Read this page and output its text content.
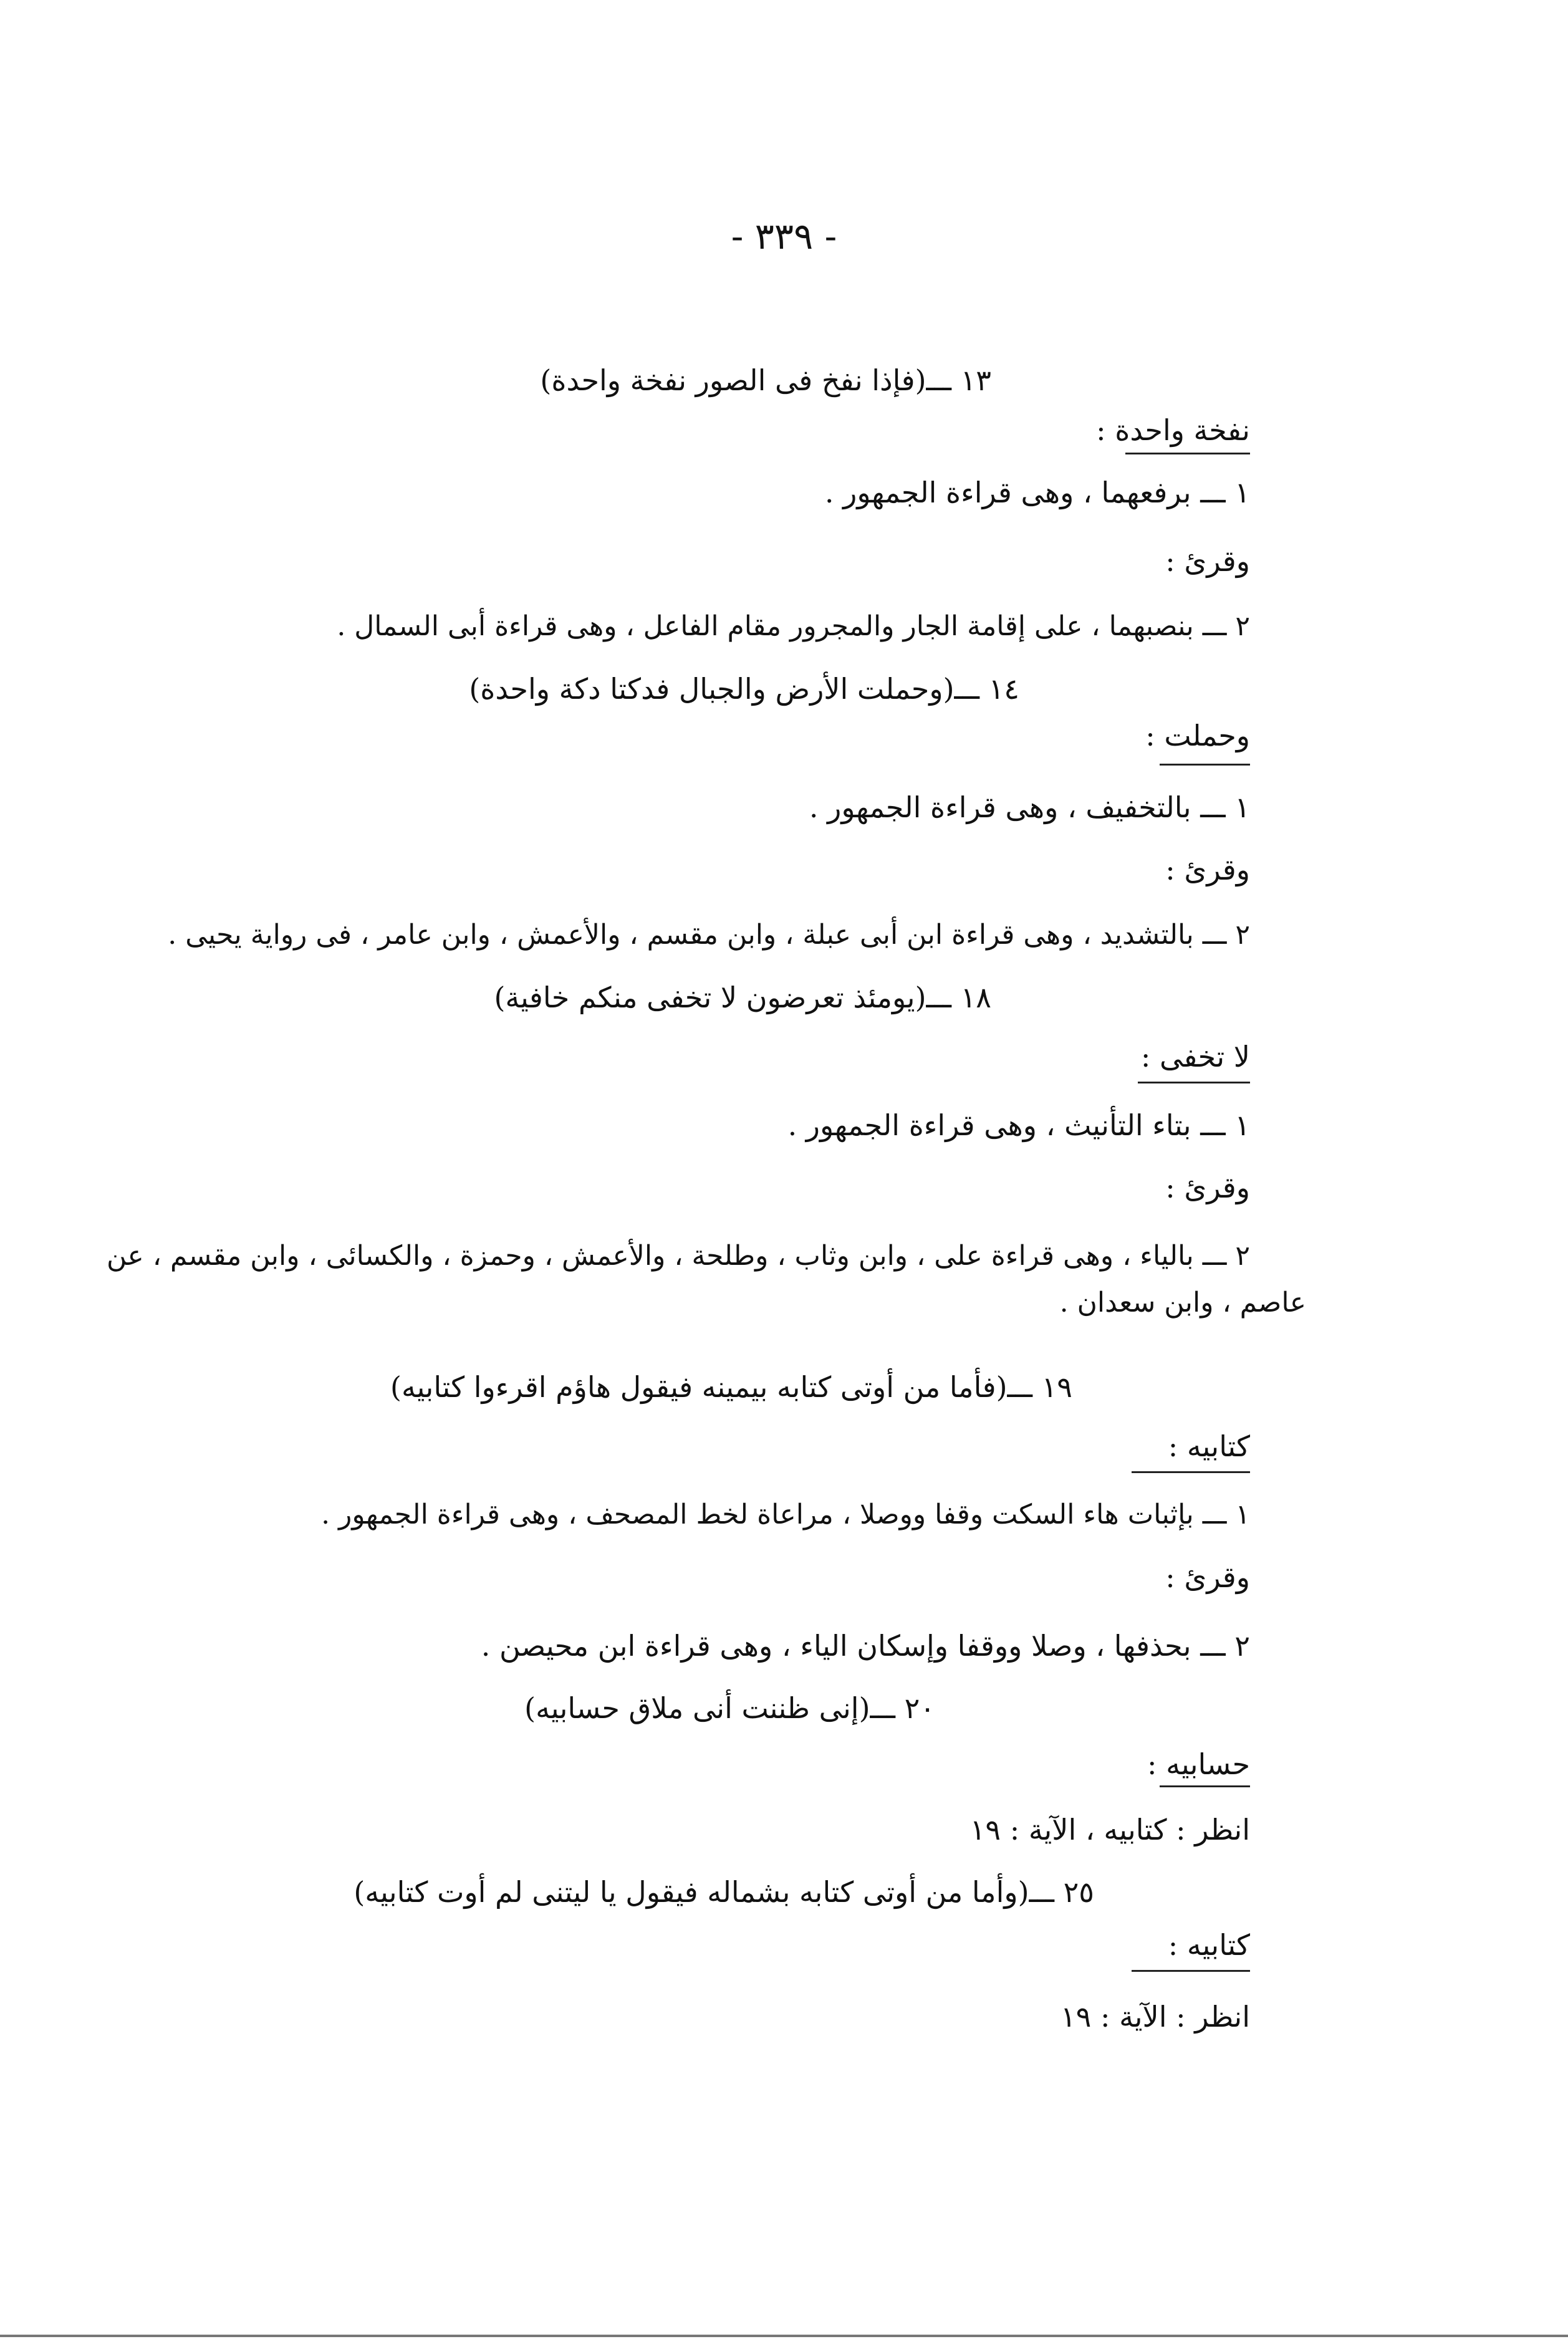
- ٣٣٩ -
١٣ ـــ(فإذا نفخ فى الصور نفخة واحدة)
نفخة واحدة :
١ ـــ برفعهما ، وهى قراءة الجمهور .
وقرئ :
٢ ـــ بنصبهما ، على إقامة الجار والمجرور مقام الفاعل ، وهى قراءة أبى السمال .
١٤ ـــ(وحملت الأرض والجبال فدكتا دكة واحدة)
وحملت :
١ ـــ بالتخفيف ، وهى قراءة الجمهور .
وقرئ :
٢ ـــ بالتشديد ، وهى قراءة ابن أبى عبلة ، وابن مقسم ، والأعمش ، وابن عامر ، فى رواية يحيى .
١٨ ـــ(يومئذ تعرضون لا تخفى منكم خافية)
لا تخفى :
١ ـــ بتاء التأنيث ، وهى قراءة الجمهور .
وقرئ :
٢ ـــ بالياء ، وهى قراءة على ، وابن وثاب ، وطلحة ، والأعمش ، وحمزة ، والكسائى ، وابن مقسم ، عن
عاصم ، وابن سعدان .
١٩ ـــ(فأما من أوتى كتابه بيمينه فيقول هاؤم اقرءوا كتابيه)
كتابيه :
١ ـــ بإثبات هاء السكت وقفا ووصلا ، مراعاة لخط المصحف ، وهى قراءة الجمهور .
وقرئ :
٢ ـــ بحذفها ، وصلا ووقفا وإسكان الياء ، وهى قراءة ابن محيصن .
٢٠ ـــ(إنى ظننت أنى ملاق حسابيه)
حسابيه :
انظر : كتابيه ، الآية : ١٩
٢٥ ـــ(وأما من أوتى كتابه بشماله فيقول يا ليتنى لم أوت كتابيه)
كتابيه :
انظر : الآية : ١٩
